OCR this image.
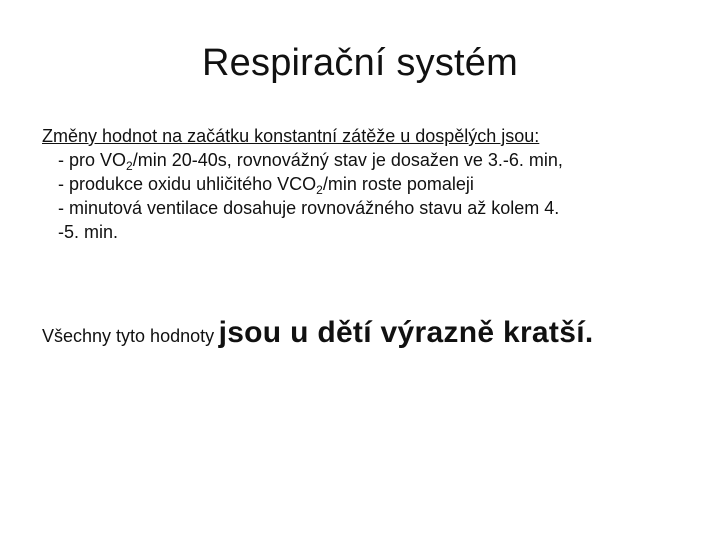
Respirační systém
Změny hodnot na začátku konstantní zátěže u dospělých jsou:
- pro $VO_2/\min$ 20-40s, rovnovážný stav je dosažen ve 3.-6. min,
- produkce oxidu uhličitého $VCO_2/\min$ roste pomaleji
- minutová ventilace dosahuje rovnovážného stavu až kolem 4.
-5. min.
Všechny tyto hodnoty jsou u dětí výrazně kratší.
